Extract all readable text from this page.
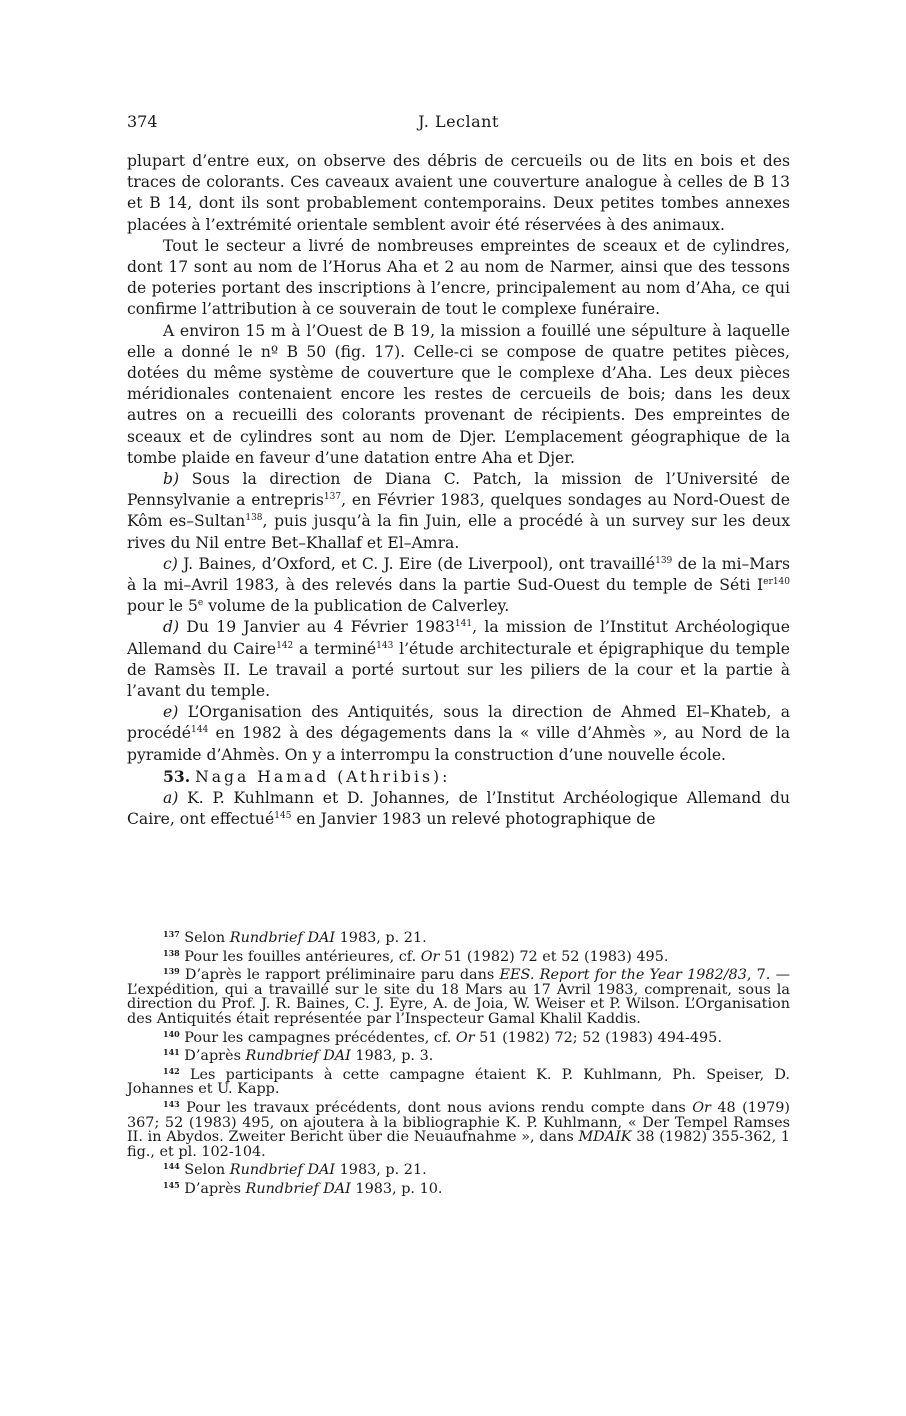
374	J. Leclant

plupart d’entre eux, on observe des débris de cercueils ou de lits en bois et des traces de colorants. Ces caveaux avaient une couverture analogue à celles de B 13 et B 14, dont ils sont probablement contemporains. Deux petites tombes annexes placées à l’extrémité orientale semblent avoir été réservées à des animaux.

Tout le secteur a livré de nombreuses empreintes de sceaux et de cylindres, dont 17 sont au nom de l’Horus Aha et 2 au nom de Narmer, ainsi que des tessons de poteries portant des inscriptions à l’encre, principalement au nom d’Aha, ce qui confirme l’attribution à ce souverain de tout le complexe funéraire.

A environ 15 m à l’Ouest de B 19, la mission a fouillé une sépulture à laquelle elle a donné le nº B 50 (fig. 17). Celle-ci se compose de quatre petites pièces, dotées du même système de couverture que le complexe d’Aha. Les deux pièces méridionales contenaient encore les restes de cercueils de bois; dans les deux autres on a recueilli des colorants provenant de récipients. Des empreintes de sceaux et de cylindres sont au nom de Djer. L’emplacement géographique de la tombe plaide en faveur d’une datation entre Aha et Djer.

b) Sous la direction de Diana C. Patch, la mission de l’Université de Pennsylvanie a entrepris$^{137}$, en Février 1983, quelques sondages au Nord-Ouest de Kôm es–Sultan$^{138}$, puis jusqu’à la fin Juin, elle a procédé à un survey sur les deux rives du Nil entre Bet–Khallaf et El–Amra.

c) J. Baines, d’Oxford, et C. J. Eire (de Liverpool), ont travaillé$^{139}$ de la mi–Mars à la mi–Avril 1983, à des relevés dans la partie Sud-Ouest du temple de Séti $I^{er140}$ pour le 5e volume de la publication de Calverley.

d) Du 19 Janvier au 4 Février 1983$^{141}$, la mission de l’Institut Archéologique Allemand du Caire$^{142}$ a terminé$^{143}$ l’étude architecturale et épigraphique du temple de Ramsès II. Le travail a porté surtout sur les piliers de la cour et la partie à l’avant du temple.

e) L’Organisation des Antiquités, sous la direction de Ahmed El–Khateb, a procédé$^{144}$ en 1982 à des dégagements dans la « ville d’Ahmès », au Nord de la pyramide d’Ahmès. On y a interrompu la construction d’une nouvelle école.

53. Naga Hamad (Athribis):

a) K. P. Kuhlmann et D. Johannes, de l’Institut Archéologique Allemand du Caire, ont effectué$^{145}$ en Janvier 1983 un relevé photographique de

$^{137}$ Selon Rundbrief DAI 1983, p. 21.

$^{138}$ Pour les fouilles antérieures, cf. Or 51 (1982) 72 et 52 (1983) 495.

$^{139}$ D’après le rapport préliminaire paru dans EES. Report for the Year 1982/83, 7. — L’expédition, qui a travaillé sur le site du 18 Mars au 17 Avril 1983, comprenait, sous la direction du Prof. J. R. Baines, C. J. Eyre, A. de Joia, W. Weiser et P. Wilson. L’Organisation des Antiquités était représentée par l’Inspecteur Gamal Khalil Kaddis.

$^{140}$ Pour les campagnes précédentes, cf. Or 51 (1982) 72; 52 (1983) 494-495.

$^{141}$ D’après Rundbrief DAI 1983, p. 3.

$^{142}$ Les participants à cette campagne étaient K. P. Kuhlmann, Ph. Speiser, D. Johannes et U. Kapp.

$^{143}$ Pour les travaux précédents, dont nous avions rendu compte dans Or 48 (1979) 367; 52 (1983) 495, on ajoutera à la bibliographie K. P. Kuhlmann, « Der Tempel Ramses II. in Abydos. Zweiter Bericht über die Neuaufnahme », dans MDAIK 38 (1982) 355-362, 1 fig., et pl. 102-104.

$^{144}$ Selon Rundbrief DAI 1983, p. 21.

$^{145}$ D’après Rundbrief DAI 1983, p. 10.
